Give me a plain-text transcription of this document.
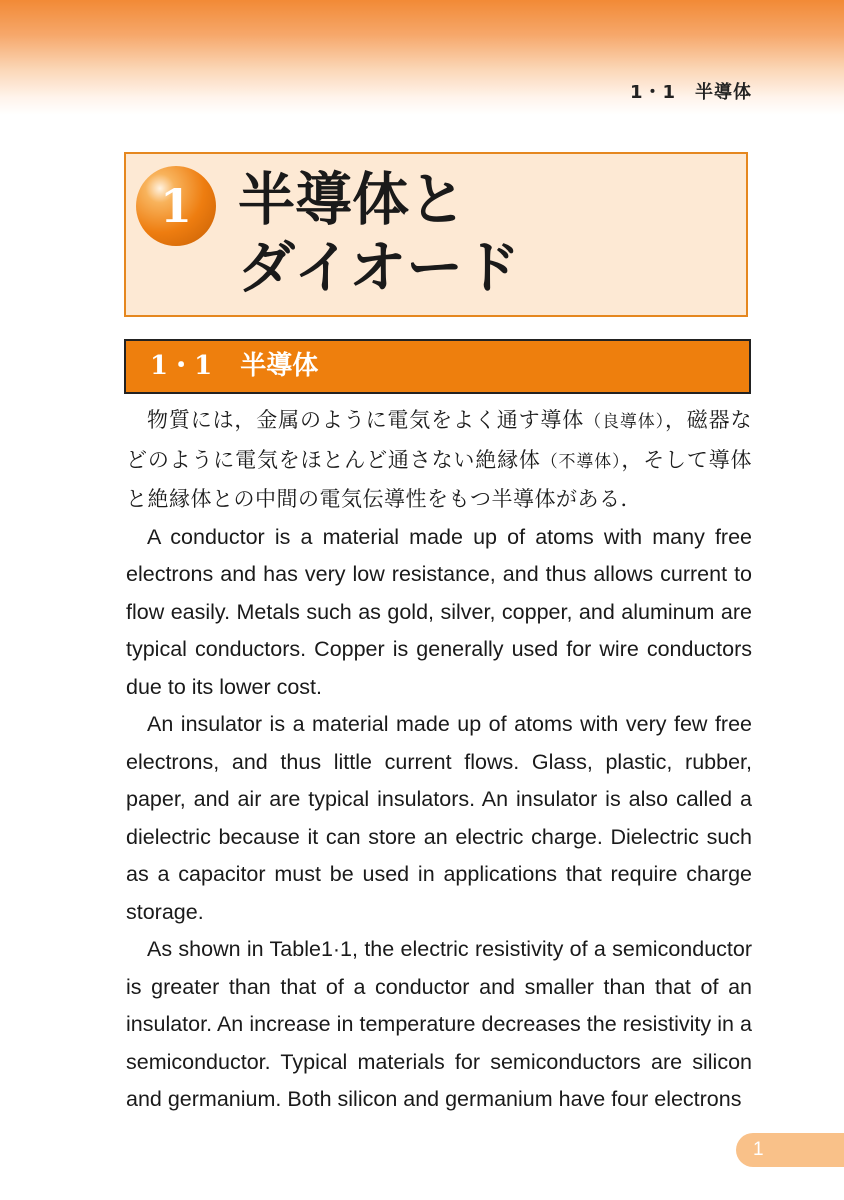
1・1　半導体
1 半導体と
ダイオード
1・1 半導体

物質には，金属のように電気をよく通す導体（良導体），磁器などのように電気をほとんど通さない絶縁体（不導体），そして導体と絶縁体との中間の電気伝導性をもつ半導体がある．

A conductor is a material made up of atoms with many free electrons and has very low resistance, and thus allows current to flow easily. Metals such as gold, silver, copper, and aluminum are typical conductors. Copper is generally used for wire conductors due to its lower cost.

An insulator is a material made up of atoms with very few free electrons, and thus little current flows. Glass, plastic, rubber, paper, and air are typical insulators. An insulator is also called a dielectric because it can store an electric charge. Dielectric such as a capacitor must be used in applications that require charge storage.

As shown in Table1·1, the electric resistivity of a semiconductor is greater than that of a conductor and smaller than that of an insulator. An increase in temperature decreases the resistivity in a semiconductor. Typical materials for semiconductors are silicon and germanium. Both silicon and germanium have four electrons

1
